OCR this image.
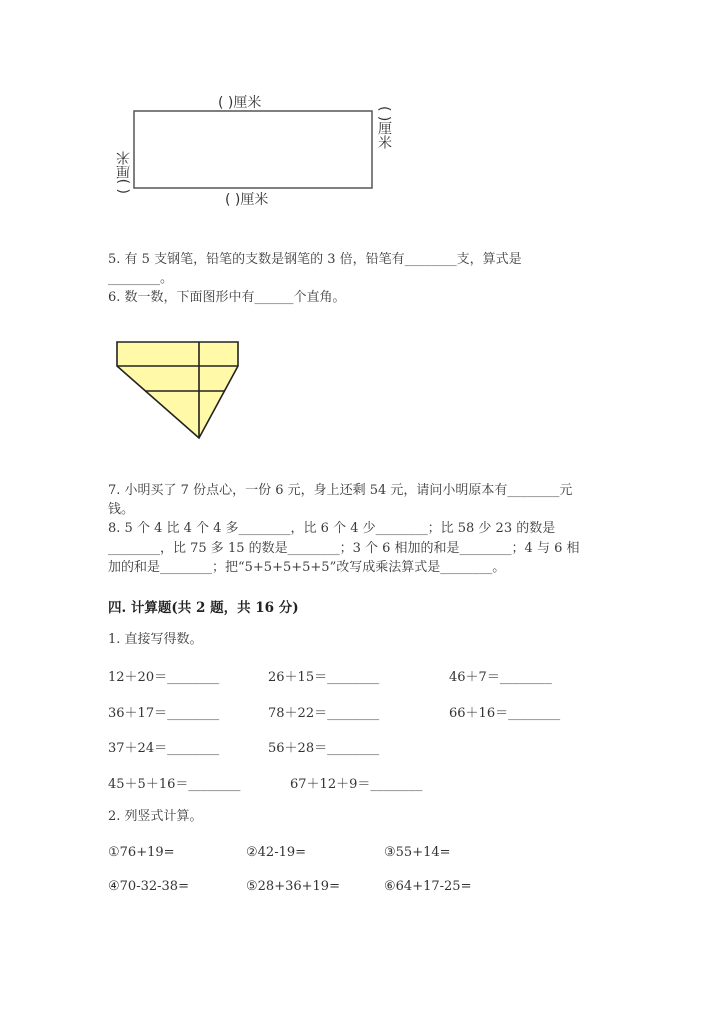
( )厘米
( )厘米
( )厘米
( )厘米
5. 有 5 支钢笔，铅笔的支数是钢笔的 3 倍，铅笔有________支，算式是
________。
6. 数一数，下面图形中有______个直角。
7. 小明买了 7 份点心，一份 6 元，身上还剩 54 元，请问小明原本有________元
钱。
8. 5 个 4 比 4 个 4 多________，比 6 个 4 少________；比 58 少 23 的数是
________，比 75 多 15 的数是________；3 个 6 相加的和是________；4 与 6 相
加的和是________；把“5+5+5+5+5”改写成乘法算式是________。
四. 计算题(共 2 题，共 16 分)
1. 直接写得数。
12＋20＝________	26＋15＝________	46＋7＝________
36＋17＝________	78＋22＝________	66＋16＝________
37＋24＝________	56＋28＝________
45＋5＋16＝________	67＋12＋9＝________
2. 列竖式计算。
①76+19=	②42-19=	③55+14=
④70-32-38=	⑤28+36+19=	⑥64+17-25=
